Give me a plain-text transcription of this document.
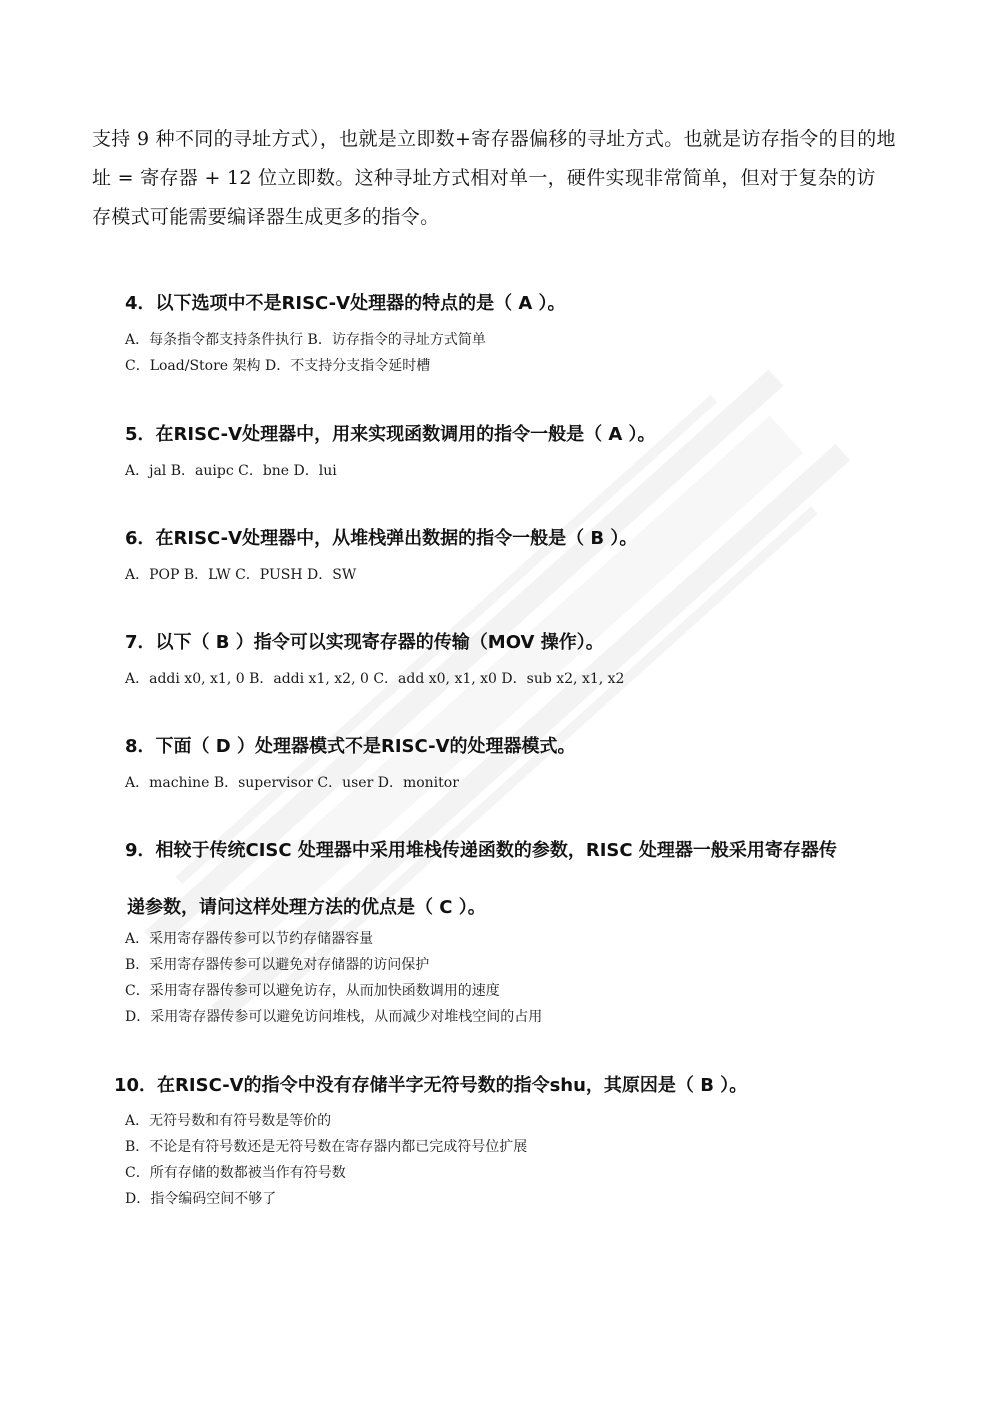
支持 9 种不同的寻址方式），也就是立即数+寄存器偏移的寻址方式。也就是访存指令的目的地
址 = 寄存器 + 12 位立即数。这种寻址方式相对单一，硬件实现非常简单，但对于复杂的访
存模式可能需要编译器生成更多的指令。
4．以下选项中不是RISC-Ⅴ处理器的特点的是（ A ）。
A．每条指令都支持条件执行 B．访存指令的寻址方式简单
C．Load/Store 架构 D．不支持分支指令延时槽
5．在RISC-Ⅴ处理器中，用来实现函数调用的指令一般是（ A ）。
A．jal B．auipc C．bne D．lui
6．在RISC-Ⅴ处理器中，从堆栈弹出数据的指令一般是（ B ）。
A．POP B．LW C．PUSH D．SW
7．以下（ B ）指令可以实现寄存器的传输（MOV 操作）。
A．addi x0, x1, 0 B．addi x1, x2, 0 C．add x0, x1, x0 D．sub x2, x1, x2
8．下面（ D ）处理器模式不是RISC-Ⅴ的处理器模式。
A．machine B．supervisor C．user D．monitor
9．相较于传统CISC 处理器中采用堆栈传递函数的参数，RISC 处理器一般采用寄存器传
递参数，请问这样处理方法的优点是（ C ）。
A．采用寄存器传参可以节约存储器容量
B．采用寄存器传参可以避免对存储器的访问保护
C．采用寄存器传参可以避免访存，从而加快函数调用的速度
D．采用寄存器传参可以避免访问堆栈，从而减少对堆栈空间的占用
10．在RISC-Ⅴ的指令中没有存储半字无符号数的指令shu，其原因是（ B ）。
A．无符号数和有符号数是等价的
B．不论是有符号数还是无符号数在寄存器内都已完成符号位扩展
C．所有存储的数都被当作有符号数
D．指令编码空间不够了
